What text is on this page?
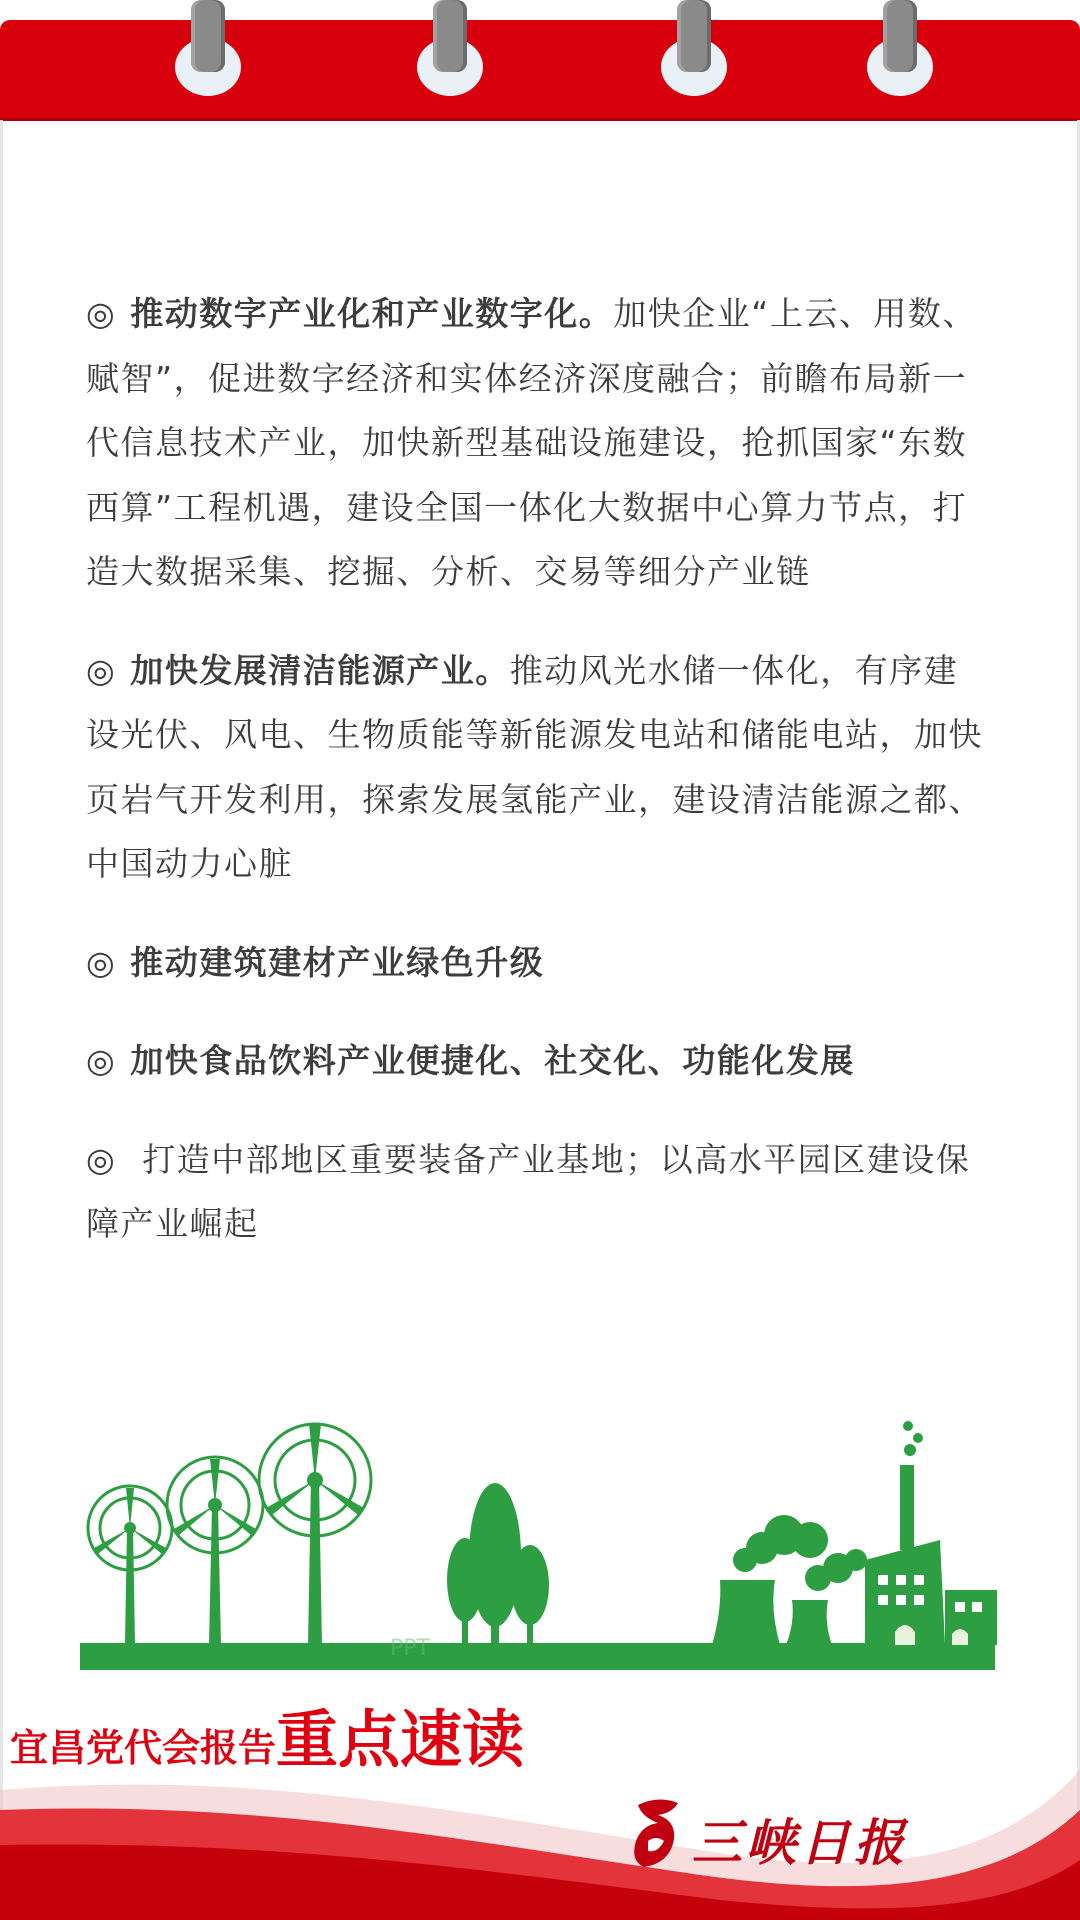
◎ 推动数字产业化和产业数字化。加快企业“上云、用数、赋智”，促进数字经济和实体经济深度融合；前瞻布局新一代信息技术产业，加快新型基础设施建设，抢抓国家“东数西算”工程机遇，建设全国一体化大数据中心算力节点，打造大数据采集、挖掘、分析、交易等细分产业链
◎ 加快发展清洁能源产业。推动风光水储一体化，有序建设光伏、风电、生物质能等新能源发电站和储能电站，加快页岩气开发利用，探索发展氢能产业，建设清洁能源之都、中国动力心脏
◎ 推动建筑建材产业绿色升级
◎ 加快食品饮料产业便捷化、社交化、功能化发展
◎ 打造中部地区重要装备产业基地；以高水平园区建设保障产业崛起
PPT
宜昌党代会报告重点速读
三峡日报
